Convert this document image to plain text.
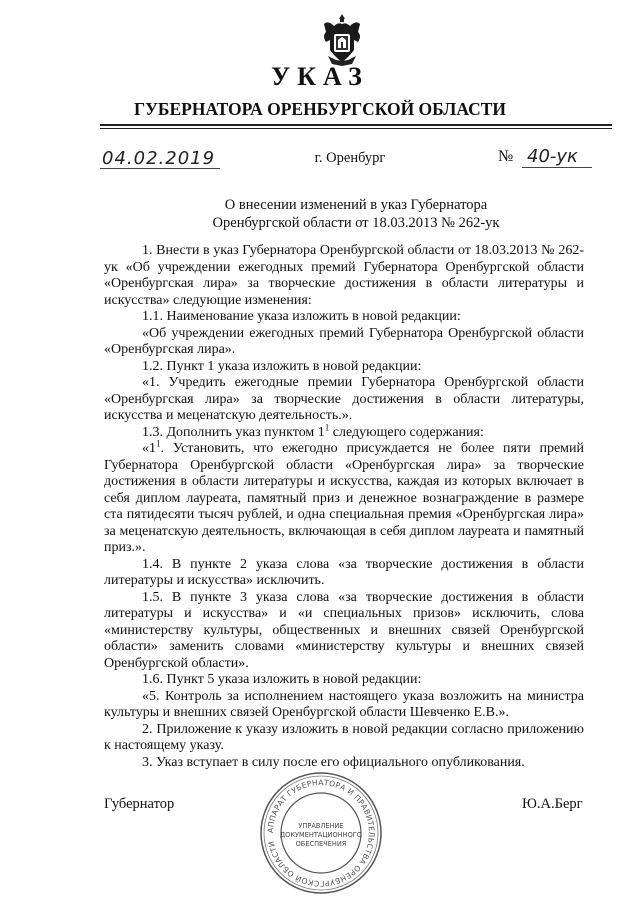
УКАЗ
ГУБЕРНАТОРА ОРЕНБУРГСКОЙ ОБЛАСТИ
04.02.2019	г. Оренбург	№ 40-ук
О внесении изменений в указ Губернатора
Оренбургской области от 18.03.2013 № 262-ук

1. Внести в указ Губернатора Оренбургской области от 18.03.2013 № 262-ук «Об учреждении ежегодных премий Губернатора Оренбургской области «Оренбургская лира» за творческие достижения в области литературы и искусства» следующие изменения:

1.1. Наименование указа изложить в новой редакции:

«Об учреждении ежегодных премий Губернатора Оренбургской области «Оренбургская лира».

1.2. Пункт 1 указа изложить в новой редакции:

«1. Учредить ежегодные премии Губернатора Оренбургской области «Оренбургская лира» за творческие достижения в области литературы, искусства и меценатскую деятельность.».

1.3. Дополнить указ пунктом $1^1$ следующего содержания:

«$1^1$. Установить, что ежегодно присуждается не более пяти премий Губернатора Оренбургской области «Оренбургская лира» за творческие достижения в области литературы и искусства, каждая из которых включает в себя диплом лауреата, памятный приз и денежное вознаграждение в размере ста пятидесяти тысяч рублей, и одна специальная премия «Оренбургская лира» за меценатскую деятельность, включающая в себя диплом лауреата и памятный приз.».

1.4. В пункте 2 указа слова «за творческие достижения в области литературы и искусства» исключить.

1.5. В пункте 3 указа слова «за творческие достижения в области литературы и искусства» и «и специальных призов» исключить, слова «министерству культуры, общественных и внешних связей Оренбургской области» заменить словами «министерству культуры и внешних связей Оренбургской области».

1.6. Пункт 5 указа изложить в новой редакции:

«5. Контроль за исполнением настоящего указа возложить на министра культуры и внешних связей Оренбургской области Шевченко Е.В.».

2. Приложение к указу изложить в новой редакции согласно приложению к настоящему указу.

3. Указ вступает в силу после его официального опубликования.

Губернатор	Ю.А.Берг
АППАРАТ ГУБЕРНАТОРА И ПРАВИТЕЛЬСТВА ОРЕНБУРГСКОЙ ОБЛАСТИ
УПРАВЛЕНИЕ
ДОКУМЕНТАЦИОННОГО
ОБЕСПЕЧЕНИЯ
